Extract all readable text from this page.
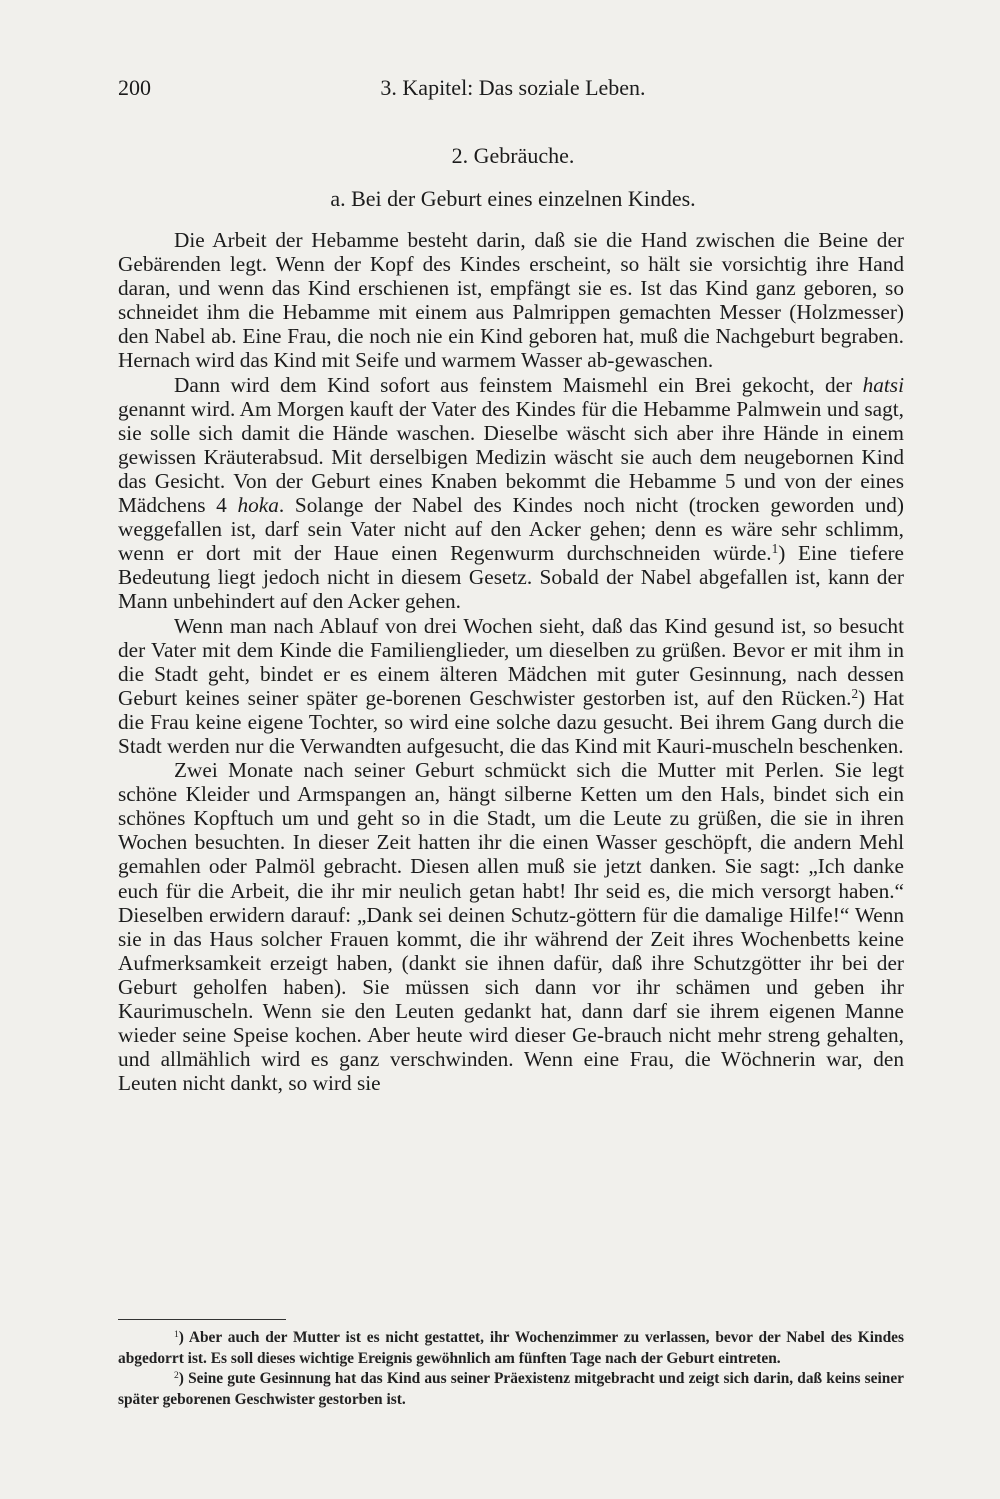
200	3. Kapitel: Das soziale Leben.
2. Gebräuche.
a. Bei der Geburt eines einzelnen Kindes.

Die Arbeit der Hebamme besteht darin, daß sie die Hand zwischen die Beine der Gebärenden legt. Wenn der Kopf des Kindes erscheint, so hält sie vorsichtig ihre Hand daran, und wenn das Kind erschienen ist, empfängt sie es. Ist das Kind ganz geboren, so schneidet ihm die Hebamme mit einem aus Palmrippen gemachten Messer (Holzmesser) den Nabel ab. Eine Frau, die noch nie ein Kind geboren hat, muß die Nachgeburt begraben. Hernach wird das Kind mit Seife und warmem Wasser ab-gewaschen.

Dann wird dem Kind sofort aus feinstem Maismehl ein Brei gekocht, der hatsi genannt wird. Am Morgen kauft der Vater des Kindes für die Hebamme Palmwein und sagt, sie solle sich damit die Hände waschen. Dieselbe wäscht sich aber ihre Hände in einem gewissen Kräuterabsud. Mit derselbigen Medizin wäscht sie auch dem neugebornen Kind das Gesicht. Von der Geburt eines Knaben bekommt die Hebamme 5 und von der eines Mädchens 4 hoka. Solange der Nabel des Kindes noch nicht (trocken geworden und) weggefallen ist, darf sein Vater nicht auf den Acker gehen; denn es wäre sehr schlimm, wenn er dort mit der Haue einen Regenwurm durchschneiden würde.$^1$) Eine tiefere Bedeutung liegt jedoch nicht in diesem Gesetz. Sobald der Nabel abgefallen ist, kann der Mann unbehindert auf den Acker gehen.

Wenn man nach Ablauf von drei Wochen sieht, daß das Kind gesund ist, so besucht der Vater mit dem Kinde die Familienglieder, um dieselben zu grüßen. Bevor er mit ihm in die Stadt geht, bindet er es einem älteren Mädchen mit guter Gesinnung, nach dessen Geburt keines seiner später ge-borenen Geschwister gestorben ist, auf den Rücken.$^2$) Hat die Frau keine eigene Tochter, so wird eine solche dazu gesucht. Bei ihrem Gang durch die Stadt werden nur die Verwandten aufgesucht, die das Kind mit Kauri-muscheln beschenken.

Zwei Monate nach seiner Geburt schmückt sich die Mutter mit Perlen. Sie legt schöne Kleider und Armspangen an, hängt silberne Ketten um den Hals, bindet sich ein schönes Kopftuch um und geht so in die Stadt, um die Leute zu grüßen, die sie in ihren Wochen besuchten. In dieser Zeit hatten ihr die einen Wasser geschöpft, die andern Mehl gemahlen oder Palmöl gebracht. Diesen allen muß sie jetzt danken. Sie sagt: „Ich danke euch für die Arbeit, die ihr mir neulich getan habt! Ihr seid es, die mich versorgt haben.“ Dieselben erwidern darauf: „Dank sei deinen Schutz-göttern für die damalige Hilfe!“ Wenn sie in das Haus solcher Frauen kommt, die ihr während der Zeit ihres Wochenbetts keine Aufmerksamkeit erzeigt haben, (dankt sie ihnen dafür, daß ihre Schutzgötter ihr bei der Geburt geholfen haben). Sie müssen sich dann vor ihr schämen und geben ihr Kaurimuscheln. Wenn sie den Leuten gedankt hat, dann darf sie ihrem eigenen Manne wieder seine Speise kochen. Aber heute wird dieser Ge-brauch nicht mehr streng gehalten, und allmählich wird es ganz verschwinden. Wenn eine Frau, die Wöchnerin war, den Leuten nicht dankt, so wird sie

$^1$) Aber auch der Mutter ist es nicht gestattet, ihr Wochenzimmer zu verlassen, bevor der Nabel des Kindes abgedorrt ist. Es soll dieses wichtige Ereignis gewöhnlich am fünften Tage nach der Geburt eintreten.

$^2$) Seine gute Gesinnung hat das Kind aus seiner Präexistenz mitgebracht und zeigt sich darin, daß keins seiner später geborenen Geschwister gestorben ist.
